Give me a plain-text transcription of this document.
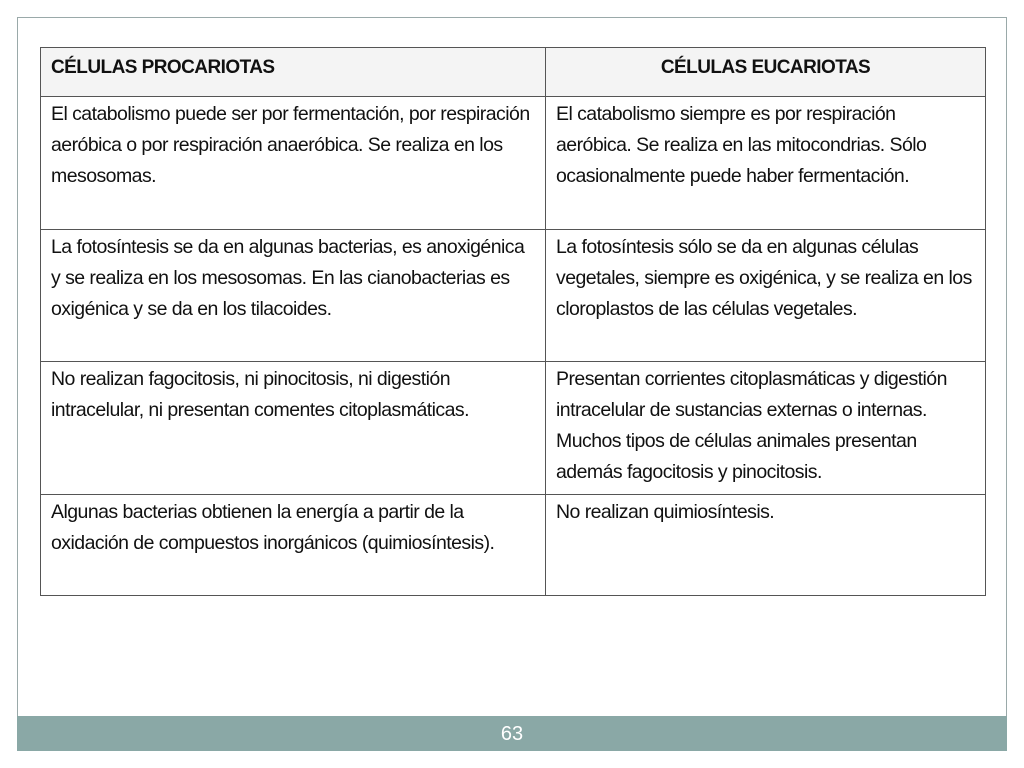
CÉLULAS PROCARIOTAS	CÉLULAS EUCARIOTAS
El catabolismo puede ser por fermentación, por respiración aeróbica o por respiración anaeróbica. Se realiza en los mesosomas.	El catabolismo siempre es por respiración aeróbica. Se realiza en las mitocondrias. Sólo ocasionalmente puede haber fermentación.
La fotosíntesis se da en algunas bacterias, es anoxigénica y se realiza en los mesosomas. En las cianobacterias es oxigénica y se da en los tilacoides.	La fotosíntesis sólo se da en algunas células vegetales, siempre es oxigénica, y se realiza en los cloroplastos de las células vegetales.
No realizan fagocitosis, ni pinocitosis, ni digestión intracelular, ni presentan comentes citoplasmáticas.	Presentan corrientes citoplasmáticas y digestión intracelular de sustancias externas o internas. Muchos tipos de células animales presentan además fagocitosis y pinocitosis.
Algunas bacterias obtienen la energía a partir de la oxidación de compuestos inorgánicos (quimiosíntesis).	No realizan quimiosíntesis.
63
